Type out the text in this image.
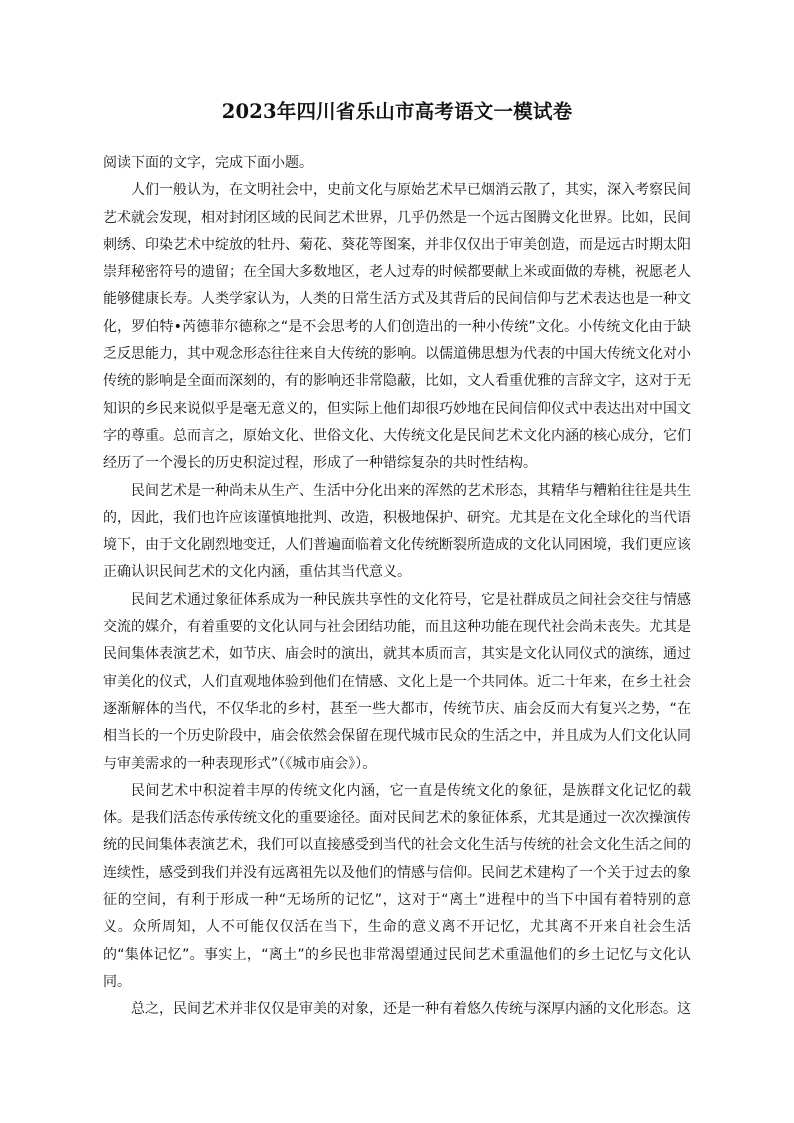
2023年四川省乐山市高考语文一模试卷

阅读下面的文字，完成下面小题。

人们一般认为，在文明社会中，史前文化与原始艺术早已烟消云散了，其实，深入考察民间艺术就会发现，相对封闭区域的民间艺术世界，几乎仍然是一个远古图腾文化世界。比如，民间刺绣、印染艺术中绽放的牡丹、菊花、葵花等图案，并非仅仅出于审美创造，而是远古时期太阳崇拜秘密符号的遗留；在全国大多数地区，老人过寿的时候都要献上米或面做的寿桃，祝愿老人能够健康长寿。人类学家认为，人类的日常生活方式及其背后的民间信仰与艺术表达也是一种文化，罗伯特•芮德菲尔德称之“是不会思考的人们创造出的一种小传统”文化。小传统文化由于缺乏反思能力，其中观念形态往往来自大传统的影响。以儒道佛思想为代表的中国大传统文化对小传统的影响是全面而深刻的，有的影响还非常隐蔽，比如，文人看重优雅的言辞文字，这对于无知识的乡民来说似乎是毫无意义的，但实际上他们却很巧妙地在民间信仰仪式中表达出对中国文字的尊重。总而言之，原始文化、世俗文化、大传统文化是民间艺术文化内涵的核心成分，它们经历了一个漫长的历史积淀过程，形成了一种错综复杂的共时性结构。

民间艺术是一种尚未从生产、生活中分化出来的浑然的艺术形态，其精华与糟粕往往是共生的，因此，我们也许应该谨慎地批判、改造，积极地保护、研究。尤其是在文化全球化的当代语境下，由于文化剧烈地变迁，人们普遍面临着文化传统断裂所造成的文化认同困境，我们更应该正确认识民间艺术的文化内涵，重估其当代意义。

民间艺术通过象征体系成为一种民族共享性的文化符号，它是社群成员之间社会交往与情感交流的媒介，有着重要的文化认同与社会团结功能，而且这种功能在现代社会尚未丧失。尤其是民间集体表演艺术，如节庆、庙会时的演出，就其本质而言，其实是文化认同仪式的演练，通过审美化的仪式，人们直观地体验到他们在情感、文化上是一个共同体。近二十年来，在乡土社会逐渐解体的当代，不仅华北的乡村，甚至一些大都市，传统节庆、庙会反而大有复兴之势，“在相当长的一个历史阶段中，庙会依然会保留在现代城市民众的生活之中，并且成为人们文化认同与审美需求的一种表现形式”（《城市庙会》）。

民间艺术中积淀着丰厚的传统文化内涵，它一直是传统文化的象征，是族群文化记忆的载体。是我们活态传承传统文化的重要途径。面对民间艺术的象征体系，尤其是通过一次次操演传统的民间集体表演艺术，我们可以直接感受到当代的社会文化生活与传统的社会文化生活之间的连续性，感受到我们并没有远离祖先以及他们的情感与信仰。民间艺术建构了一个关于过去的象征的空间，有利于形成一种“无场所的记忆”，这对于“离土”进程中的当下中国有着特别的意义。众所周知，人不可能仅仅活在当下，生命的意义离不开记忆，尤其离不开来自社会生活的“集体记忆”。事实上，“离土”的乡民也非常渴望通过民间艺术重温他们的乡土记忆与文化认同。

总之，民间艺术并非仅仅是审美的对象，还是一种有着悠久传统与深厚内涵的文化形态。这
